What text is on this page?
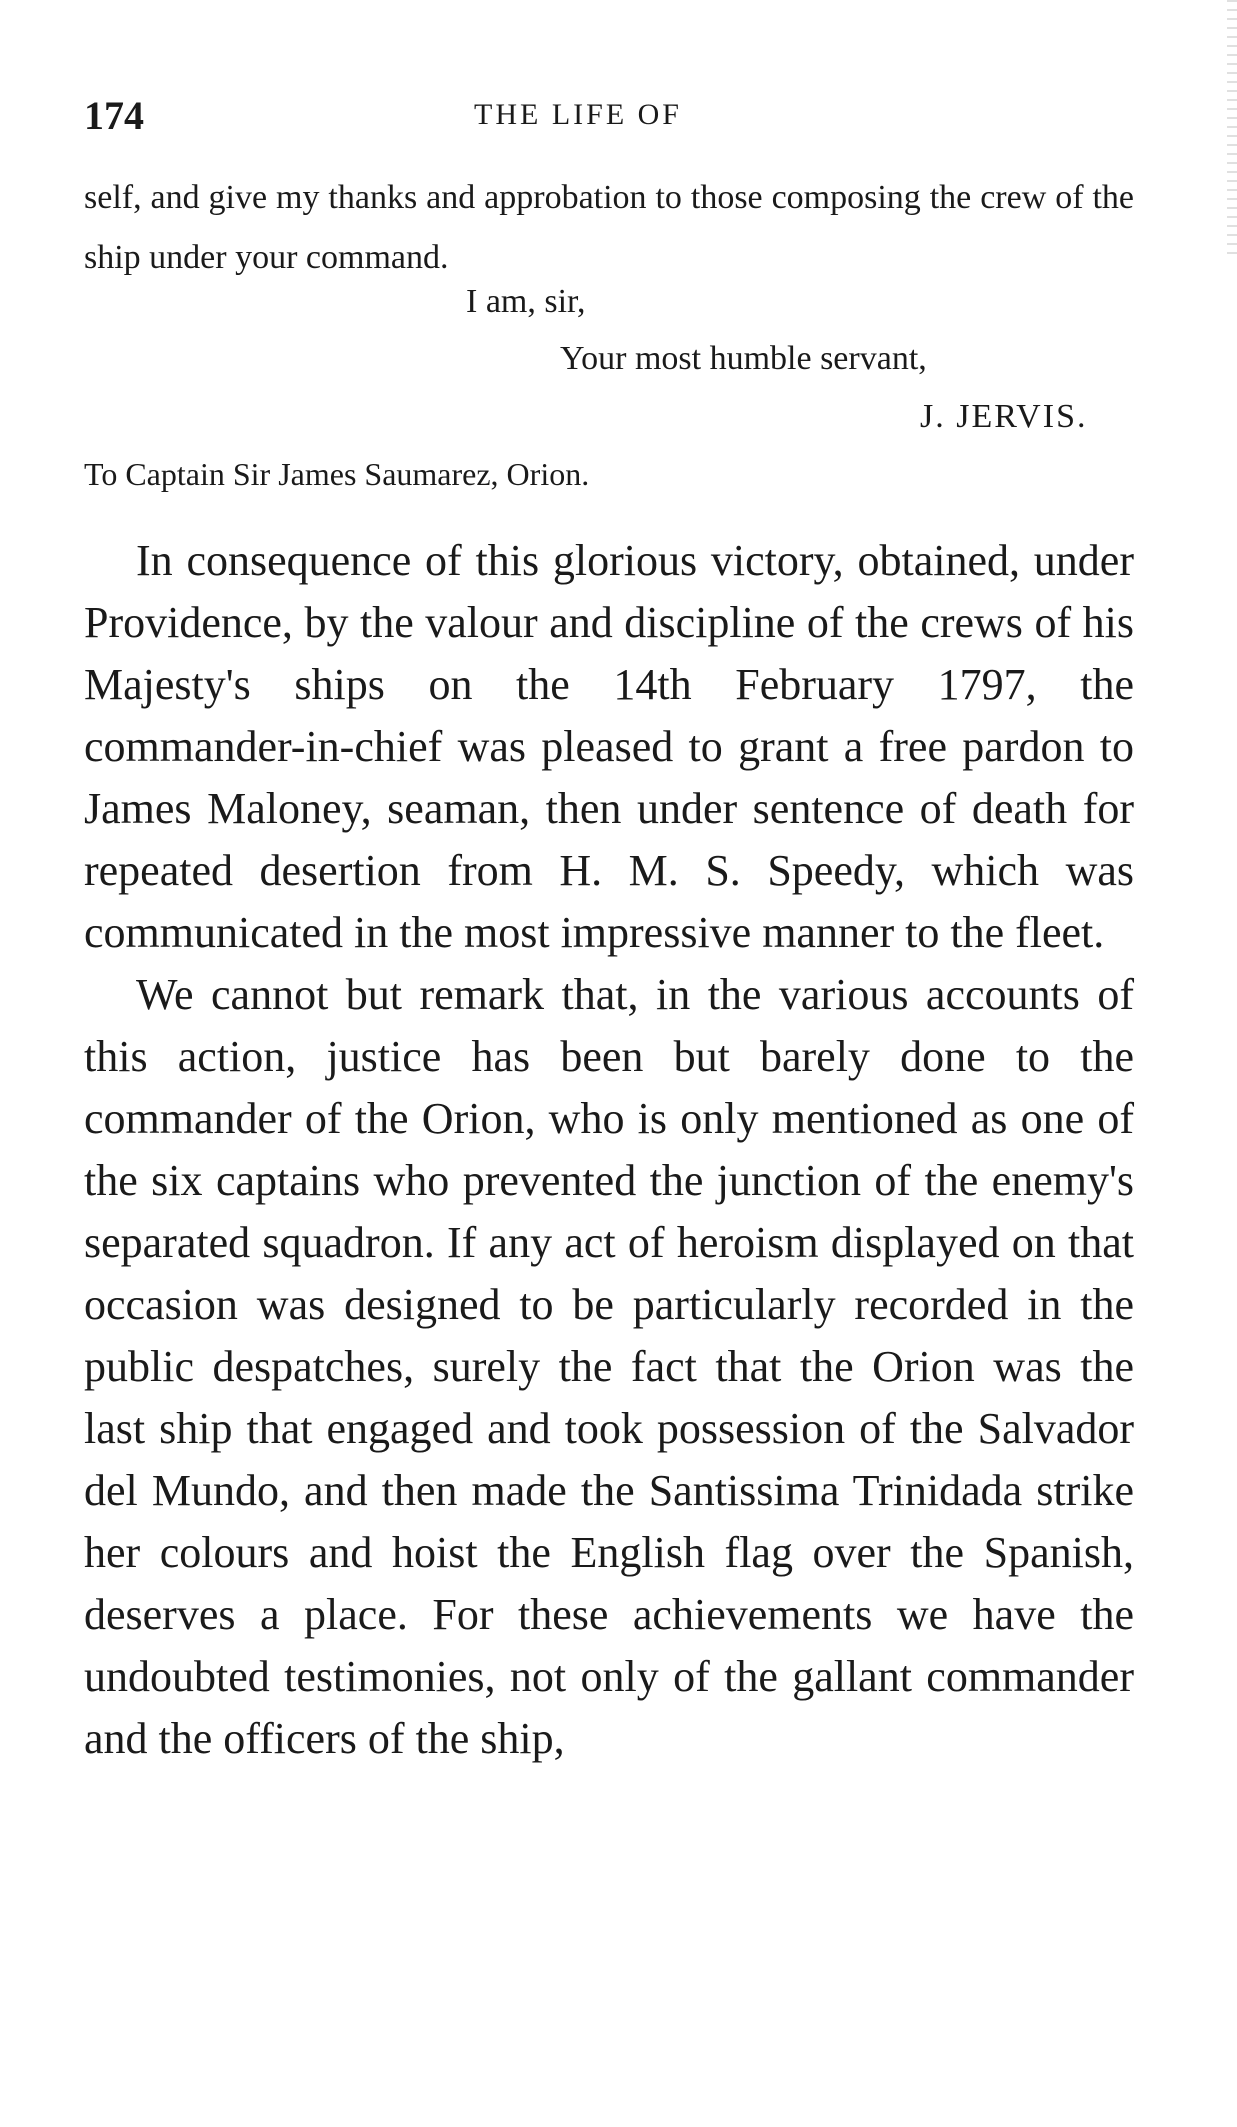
174	THE LIFE OF

self, and give my thanks and approbation to those composing the crew of the ship under your command.

I am, sir,
Your most humble servant,
J. JERVIS.
To Captain Sir James Saumarez, Orion.

In consequence of this glorious victory, obtained, under Providence, by the valour and discipline of the crews of his Majesty's ships on the 14th February 1797, the commander-in-chief was pleased to grant a free pardon to James Maloney, seaman, then under sentence of death for repeated desertion from H. M. S. Speedy, which was communicated in the most impressive manner to the fleet.

We cannot but remark that, in the various accounts of this action, justice has been but barely done to the commander of the Orion, who is only mentioned as one of the six captains who prevented the junction of the enemy's separated squadron. If any act of heroism displayed on that occasion was designed to be particularly recorded in the public despatches, surely the fact that the Orion was the last ship that engaged and took possession of the Salvador del Mundo, and then made the Santissima Trinidada strike her colours and hoist the English flag over the Spanish, deserves a place. For these achievements we have the undoubted testimonies, not only of the gallant commander and the officers of the ship,
